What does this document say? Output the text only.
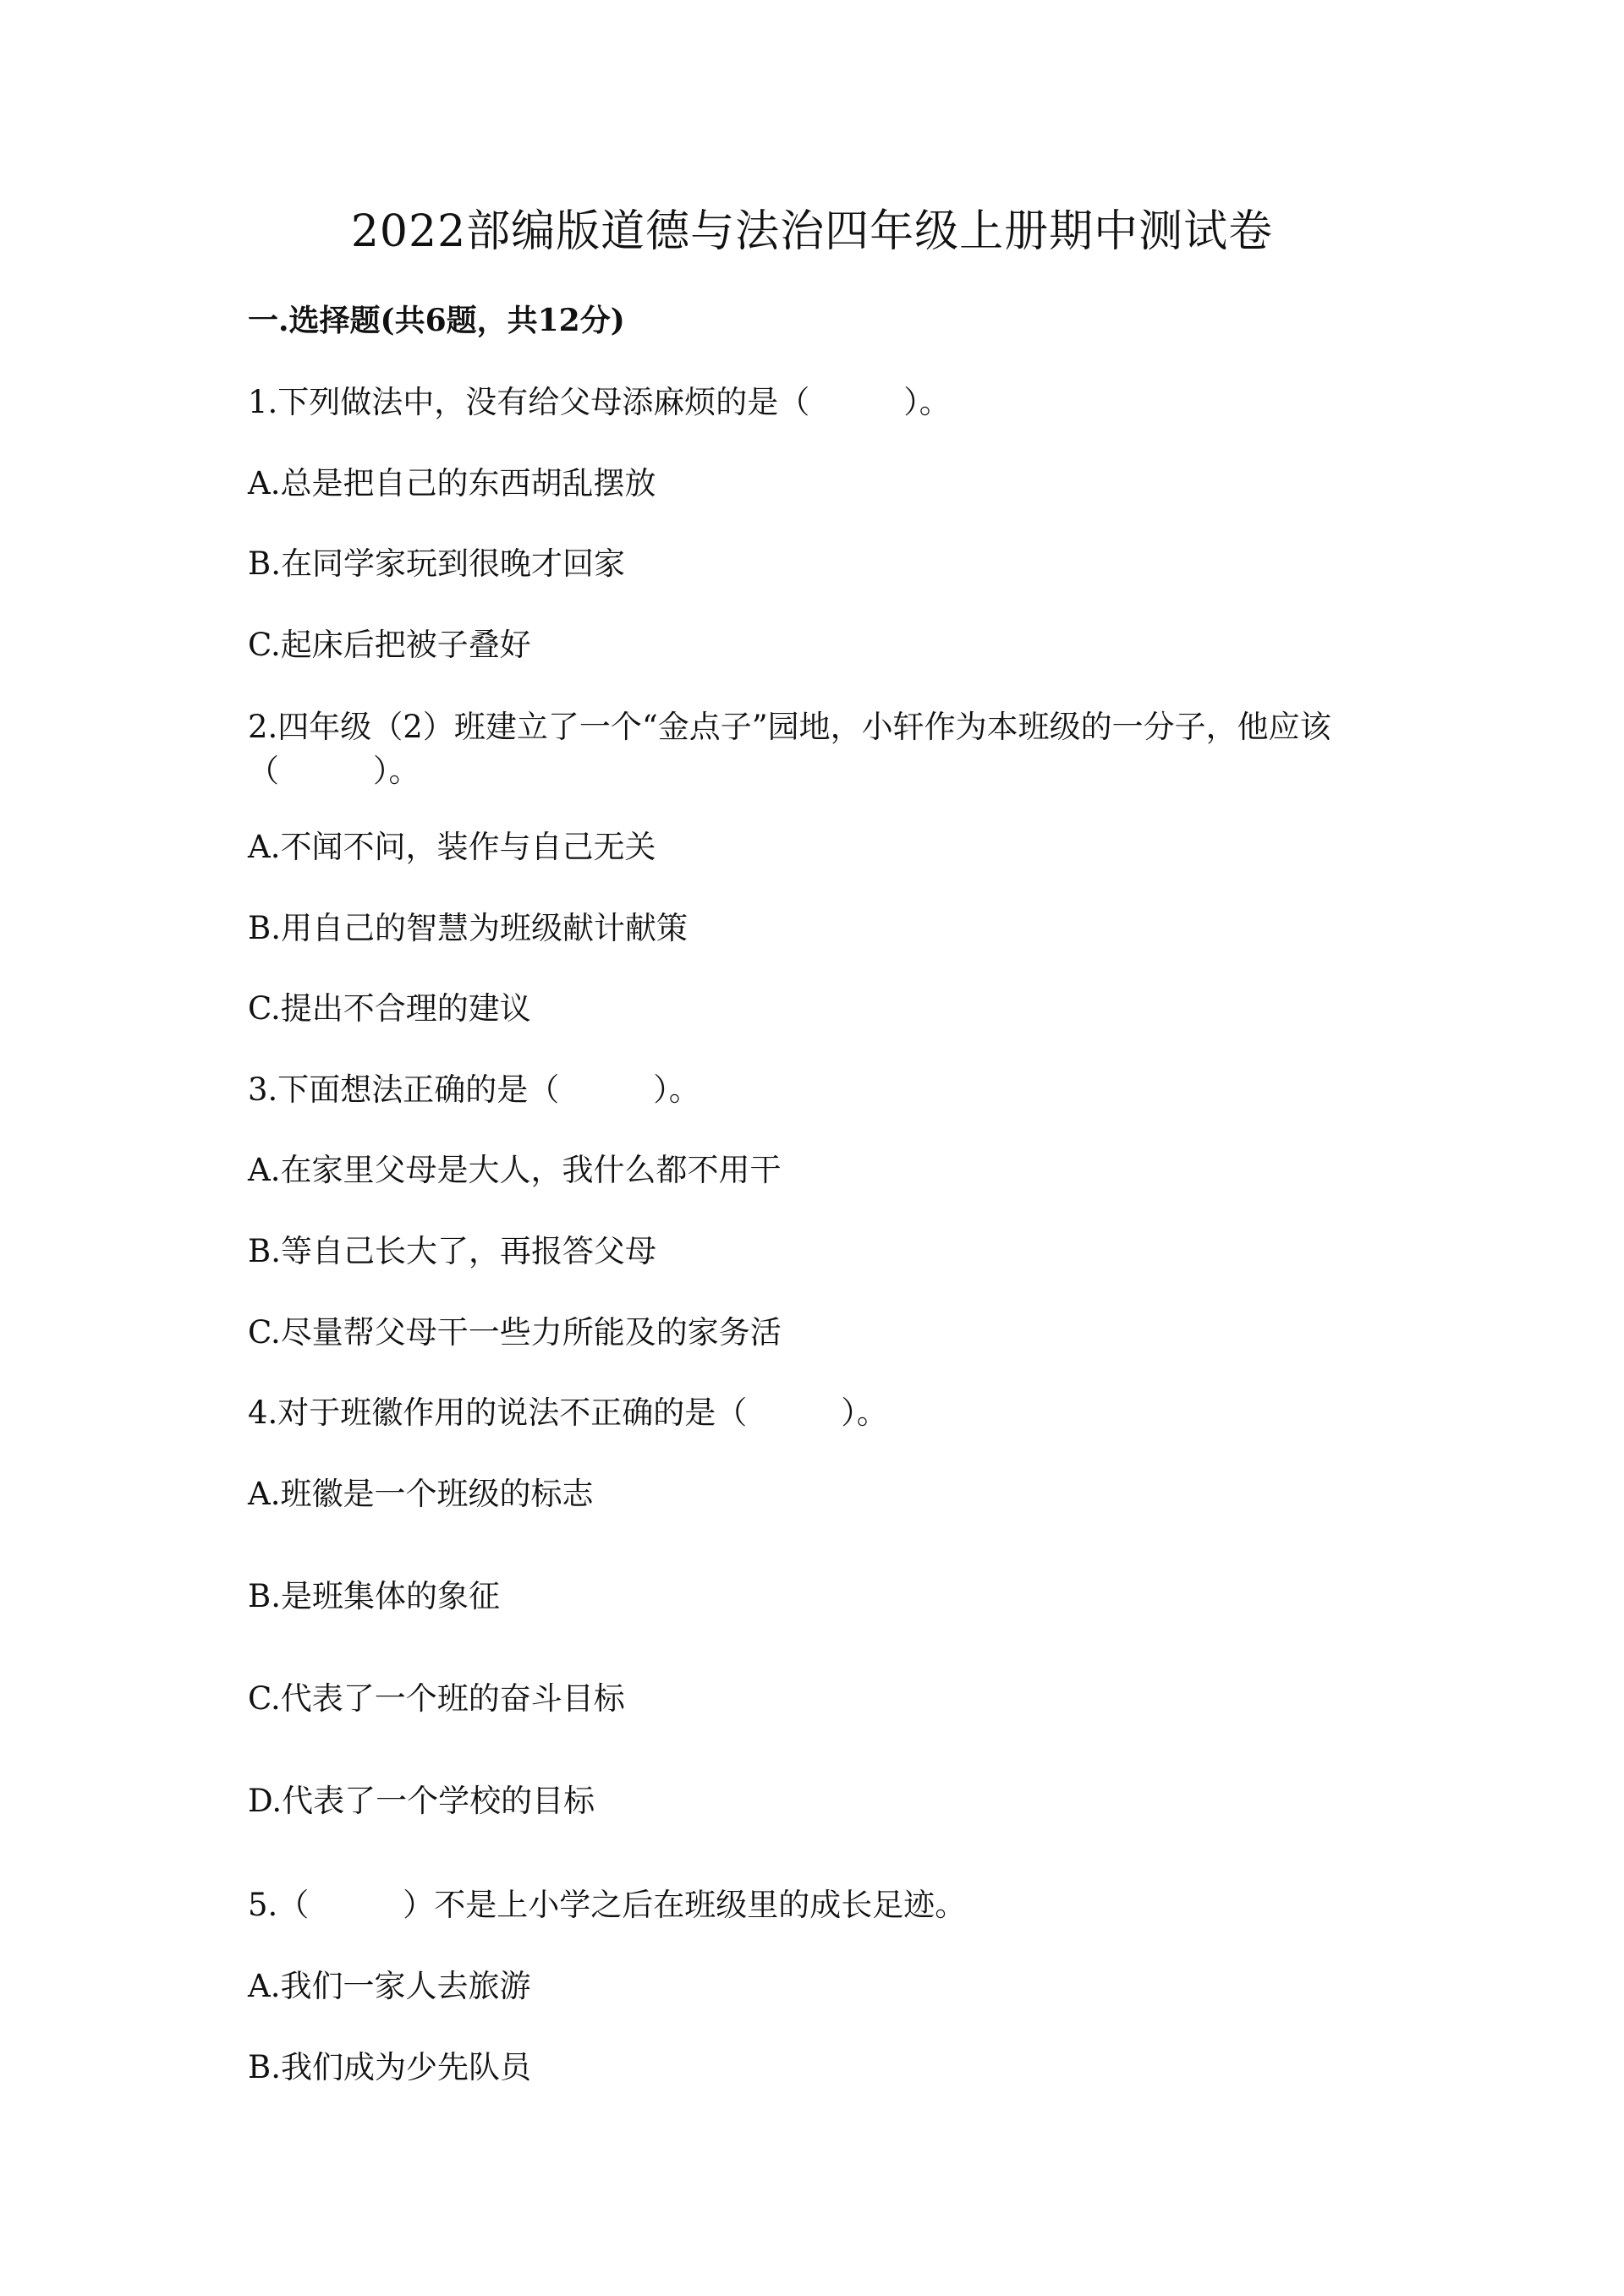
2022部编版道德与法治四年级上册期中测试卷
一.选择题(共6题，共12分)
1.下列做法中，没有给父母添麻烦的是（　　　）。
A.总是把自己的东西胡乱摆放
B.在同学家玩到很晚才回家
C.起床后把被子叠好
2.四年级（2）班建立了一个“金点子”园地，小轩作为本班级的一分子，他应该（　　　）。
A.不闻不问，装作与自己无关
B.用自己的智慧为班级献计献策
C.提出不合理的建议
3.下面想法正确的是（　　　）。
A.在家里父母是大人，我什么都不用干
B.等自己长大了，再报答父母
C.尽量帮父母干一些力所能及的家务活
4.对于班徽作用的说法不正确的是（　　　）。
A.班徽是一个班级的标志
B.是班集体的象征
C.代表了一个班的奋斗目标
D.代表了一个学校的目标
5.（　　　）不是上小学之后在班级里的成长足迹。
A.我们一家人去旅游
B.我们成为少先队员
